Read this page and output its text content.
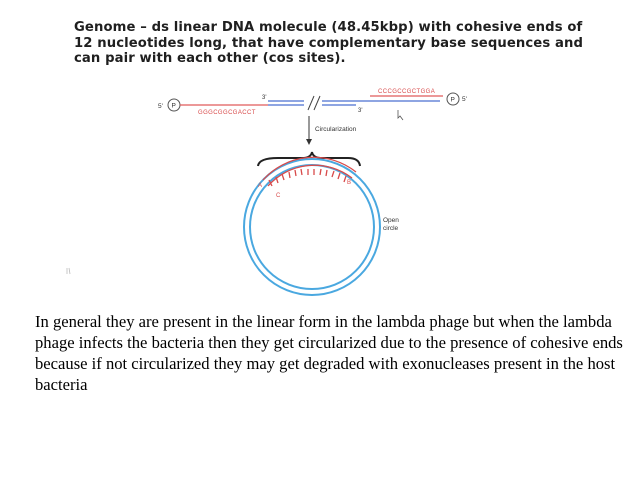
Genome – ds linear DNA molecule (48.45kbp) with cohesive ends of 12 nucleotides long, that have complementary base sequences and can pair with each other (cos sites).
5' P
GGGCGGCGACCT
3'
3'
CCCGCCGCTGGA
P 5'
Circularization
A	B
C
Open
circle
In general they are present in the linear form in the lambda phage but when the lambda phage infects the bacteria then they get circularized due to the presence of cohesive ends because if not circularized they may get degraded with exonucleases present in the host bacteria
